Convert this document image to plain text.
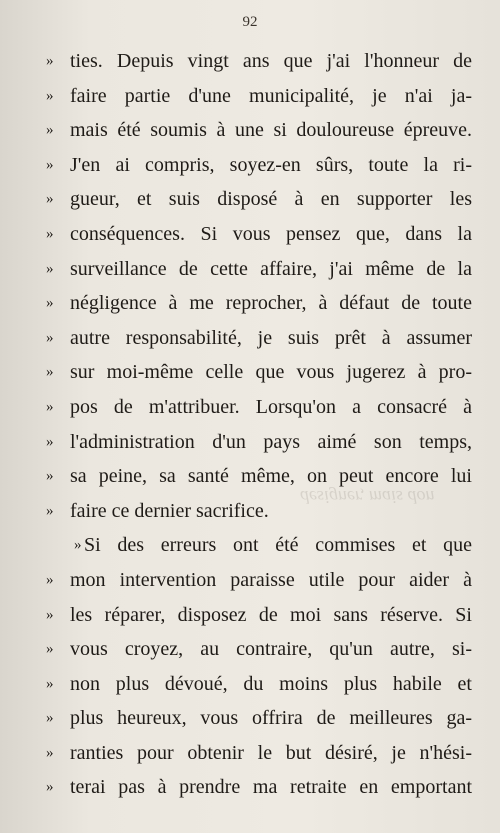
designer, mais don
92
» ties. Depuis vingt ans que j'ai l'honneur de
» faire partie d'une municipalité, je n'ai ja-
» mais été soumis à une si douloureuse épreuve.
» J'en ai compris, soyez-en sûrs, toute la ri-
» gueur, et suis disposé à en supporter les
» conséquences. Si vous pensez que, dans la
» surveillance de cette affaire, j'ai même de la
» négligence à me reprocher, à défaut de toute
» autre responsabilité, je suis prêt à assumer
» sur moi-même celle que vous jugerez à pro-
» pos de m'attribuer. Lorsqu'on a consacré à
» l'administration d'un pays aimé son temps,
» sa peine, sa santé même, on peut encore lui
» faire ce dernier sacrifice.
» Si des erreurs ont été commises et que
» mon intervention paraisse utile pour aider à
» les réparer, disposez de moi sans réserve. Si
» vous croyez, au contraire, qu'un autre, si-
» non plus dévoué, du moins plus habile et
» plus heureux, vous offrira de meilleures ga-
» ranties pour obtenir le but désiré, je n'hési-
» terai pas à prendre ma retraite en emportant
